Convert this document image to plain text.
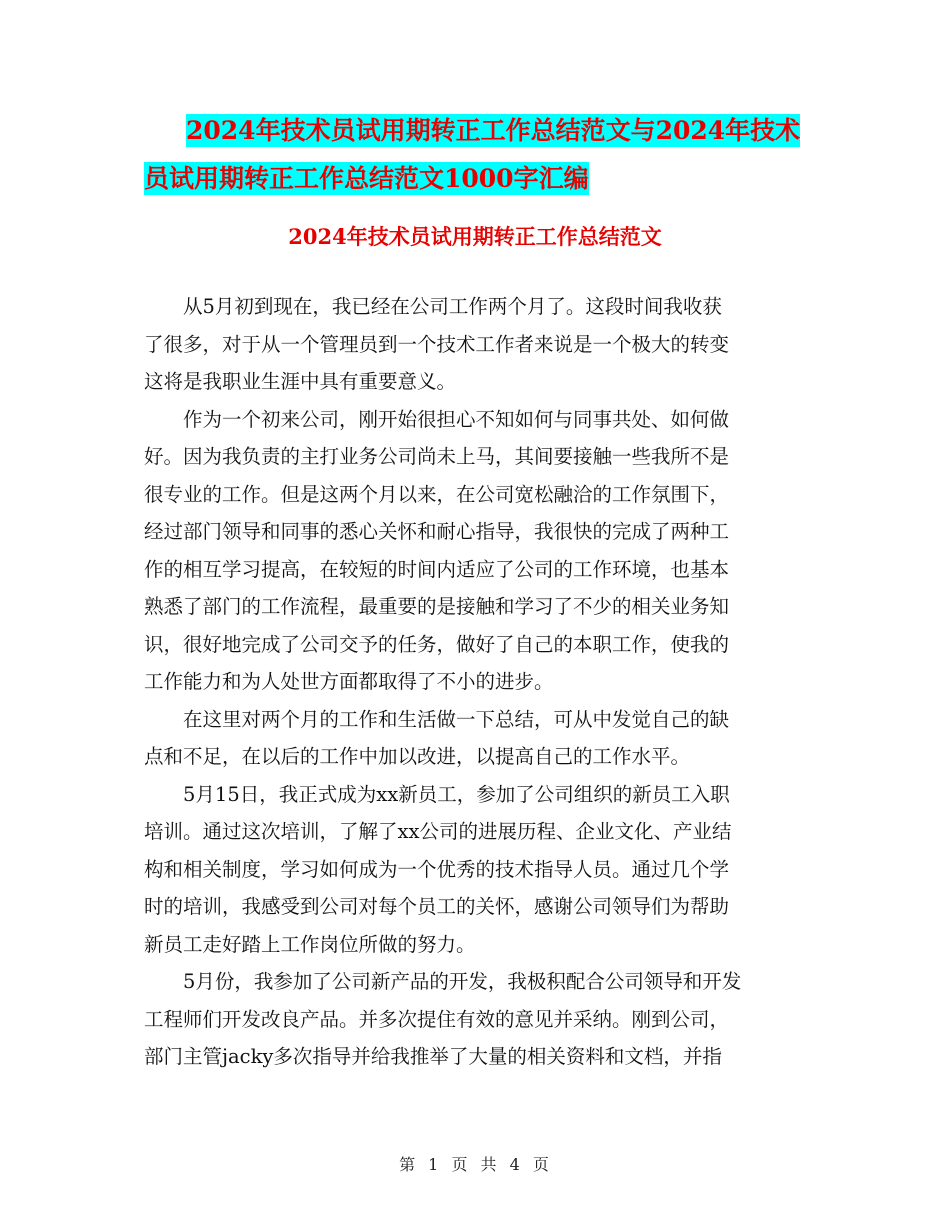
2024年技术员试用期转正工作总结范文与2024年技术
员试用期转正工作总结范文1000字汇编
2024年技术员试用期转正工作总结范文

从5月初到现在，我已经在公司工作两个月了。这段时间我收获
了很多，对于从一个管理员到一个技术工作者来说是一个极大的转变
这将是我职业生涯中具有重要意义。

作为一个初来公司，刚开始很担心不知如何与同事共处、如何做
好。因为我负责的主打业务公司尚未上马，其间要接触一些我所不是
很专业的工作。但是这两个月以来，在公司宽松融洽的工作氛围下，
经过部门领导和同事的悉心关怀和耐心指导，我很快的完成了两种工
作的相互学习提高，在较短的时间内适应了公司的工作环境，也基本
熟悉了部门的工作流程，最重要的是接触和学习了不少的相关业务知
识，很好地完成了公司交予的任务，做好了自己的本职工作，使我的
工作能力和为人处世方面都取得了不小的进步。

在这里对两个月的工作和生活做一下总结，可从中发觉自己的缺
点和不足，在以后的工作中加以改进，以提高自己的工作水平。

5月15日，我正式成为xx新员工，参加了公司组织的新员工入职
培训。通过这次培训，了解了xx公司的进展历程、企业文化、产业结
构和相关制度，学习如何成为一个优秀的技术指导人员。通过几个学
时的培训，我感受到公司对每个员工的关怀，感谢公司领导们为帮助
新员工走好踏上工作岗位所做的努力。

5月份，我参加了公司新产品的开发，我极积配合公司领导和开发
工程师们开发改良产品。并多次提住有效的意见并采纳。刚到公司，
部门主管jacky多次指导并给我推举了大量的相关资料和文档，并指

第 1 页 共 4 页
